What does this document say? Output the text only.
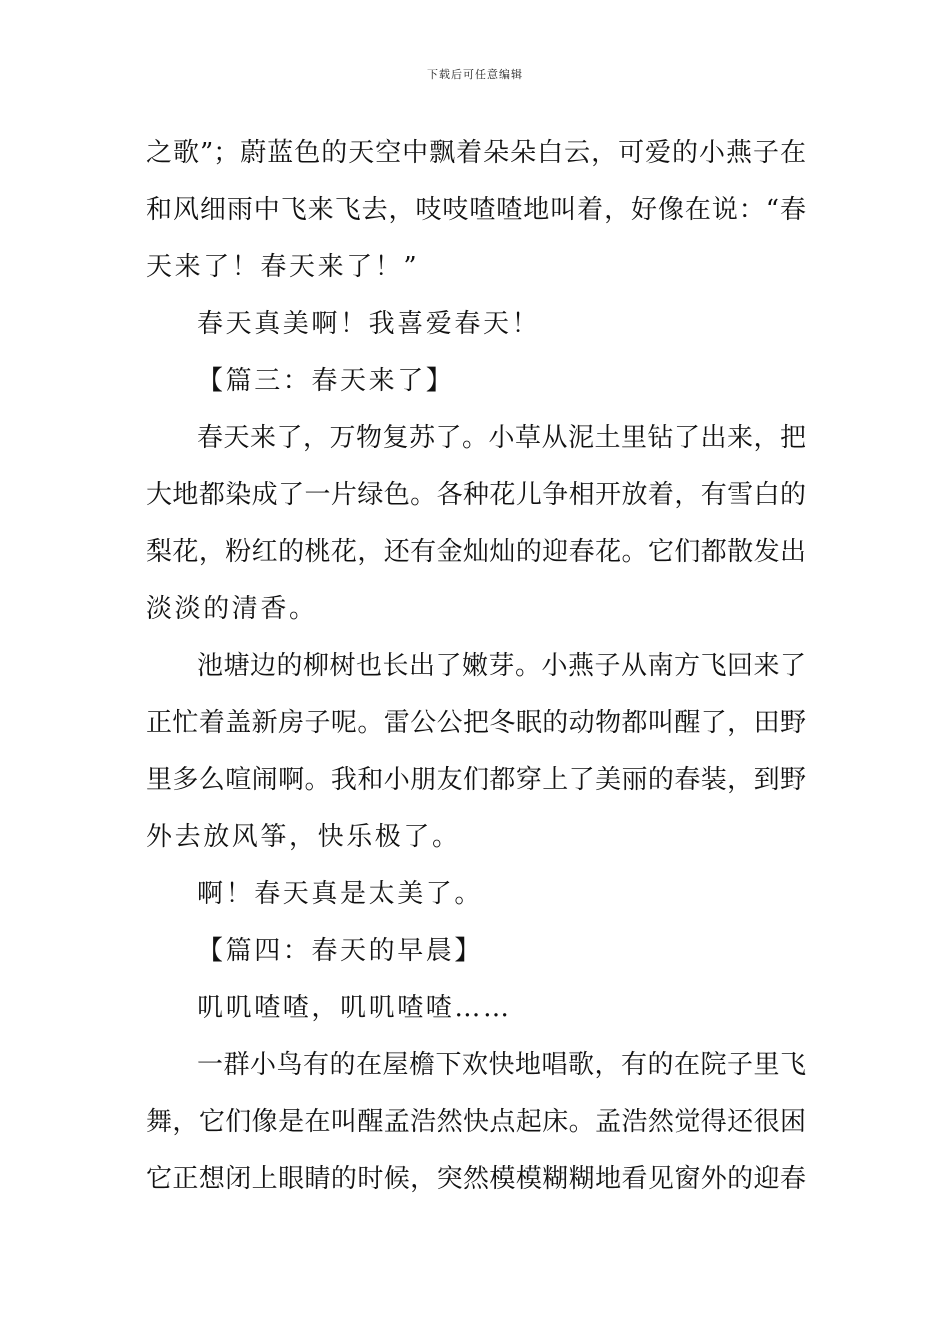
下载后可任意编辑
之歌”；蔚蓝色的天空中飘着朵朵白云，可爱的小燕子在
和风细雨中飞来飞去，吱吱喳喳地叫着，好像在说：“春
天来了！春天来了！”
春天真美啊！我喜爱春天！
【篇三：春天来了】
春天来了，万物复苏了。小草从泥土里钻了出来，把
大地都染成了一片绿色。各种花儿争相开放着，有雪白的
梨花，粉红的桃花，还有金灿灿的迎春花。它们都散发出
淡淡的清香。
池塘边的柳树也长出了嫩芽。小燕子从南方飞回来了
正忙着盖新房子呢。雷公公把冬眠的动物都叫醒了，田野
里多么喧闹啊。我和小朋友们都穿上了美丽的春装，到野
外去放风筝，快乐极了。
啊！春天真是太美了。
【篇四：春天的早晨】
叽叽喳喳，叽叽喳喳……
一群小鸟有的在屋檐下欢快地唱歌，有的在院子里飞
舞，它们像是在叫醒孟浩然快点起床。孟浩然觉得还很困
它正想闭上眼睛的时候，突然模模糊糊地看见窗外的迎春
